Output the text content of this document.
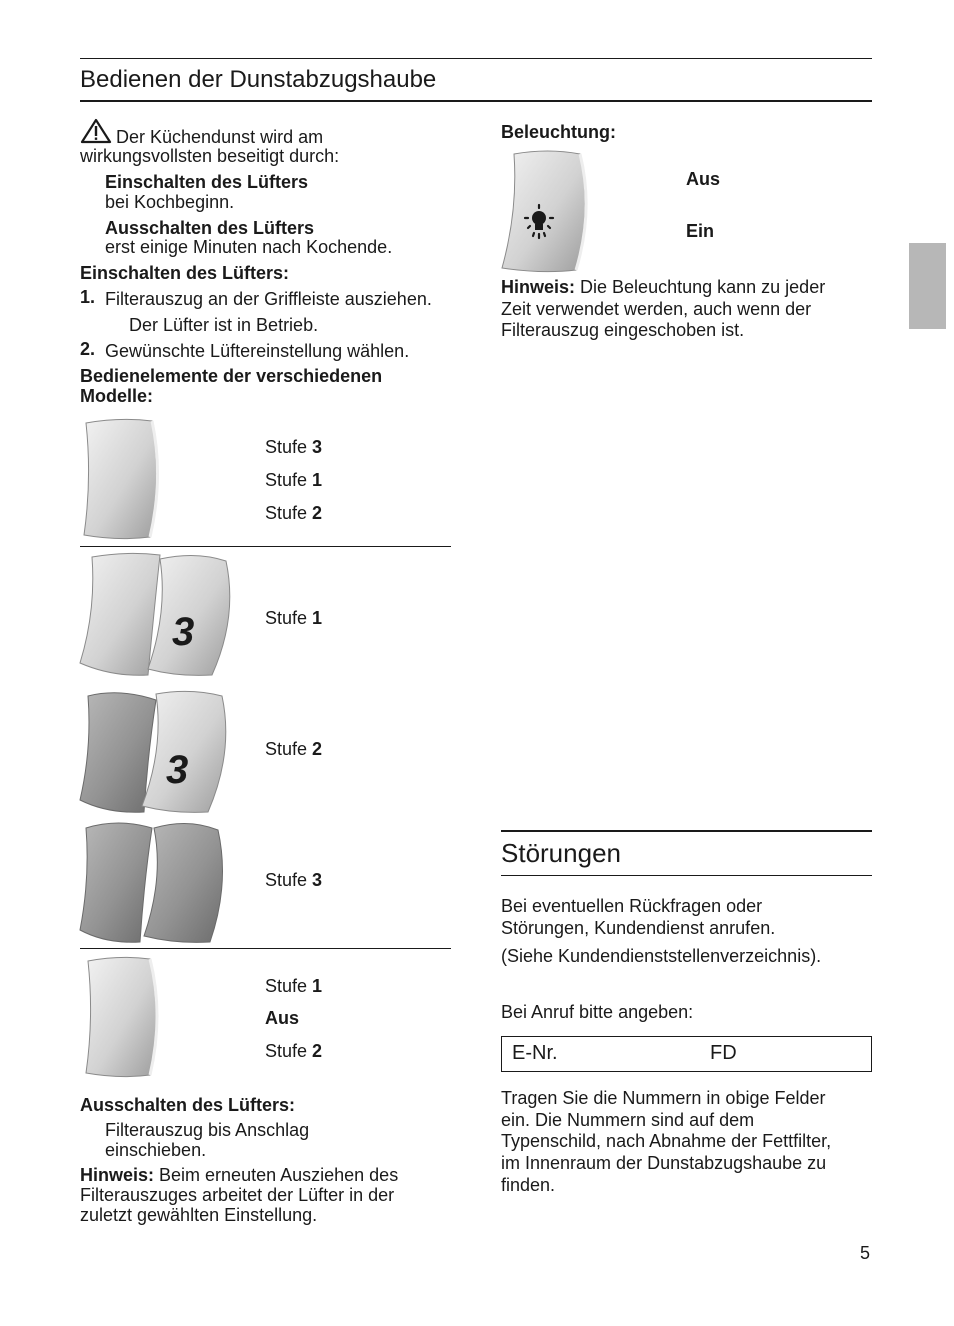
Bedienen der Dunstabzugshaube
Der Küchendunst wird am
wirkungsvollsten beseitigt durch:
Einschalten des Lüfters
bei Kochbeginn.
Ausschalten des Lüfters
erst einige Minuten nach Kochende.
Einschalten des Lüfters:
1. Filterauszug an der Griffleiste ausziehen.
Der Lüfter ist in Betrieb.
2. Gewünschte Lüftereinstellung wählen.
Bedienelemente der verschiedenen
Modelle:
Stufe 3
Stufe 1
Stufe 2
3	Stufe 1
3	Stufe 2
Stufe 3
Stufe 1
Aus
Stufe 2
Ausschalten des Lüfters:
Filterauszug bis Anschlag
einschieben.
Hinweis: Beim erneuten Ausziehen des
Filterauszuges arbeitet der Lüfter in der
zuletzt gewählten Einstellung.
Beleuchtung:
Aus
Ein
Hinweis: Die Beleuchtung kann zu jeder
Zeit verwendet werden, auch wenn der
Filterauszug eingeschoben ist.
Störungen
Bei eventuellen Rückfragen oder
Störungen, Kundendienst anrufen.
(Siehe Kundendienststellenverzeichnis).
Bei Anruf bitte angeben:
E-Nr.	FD
Tragen Sie die Nummern in obige Felder
ein. Die Nummern sind auf dem
Typenschild, nach Abnahme der Fettfilter,
im Innenraum der Dunstabzugshaube zu
finden.
5
